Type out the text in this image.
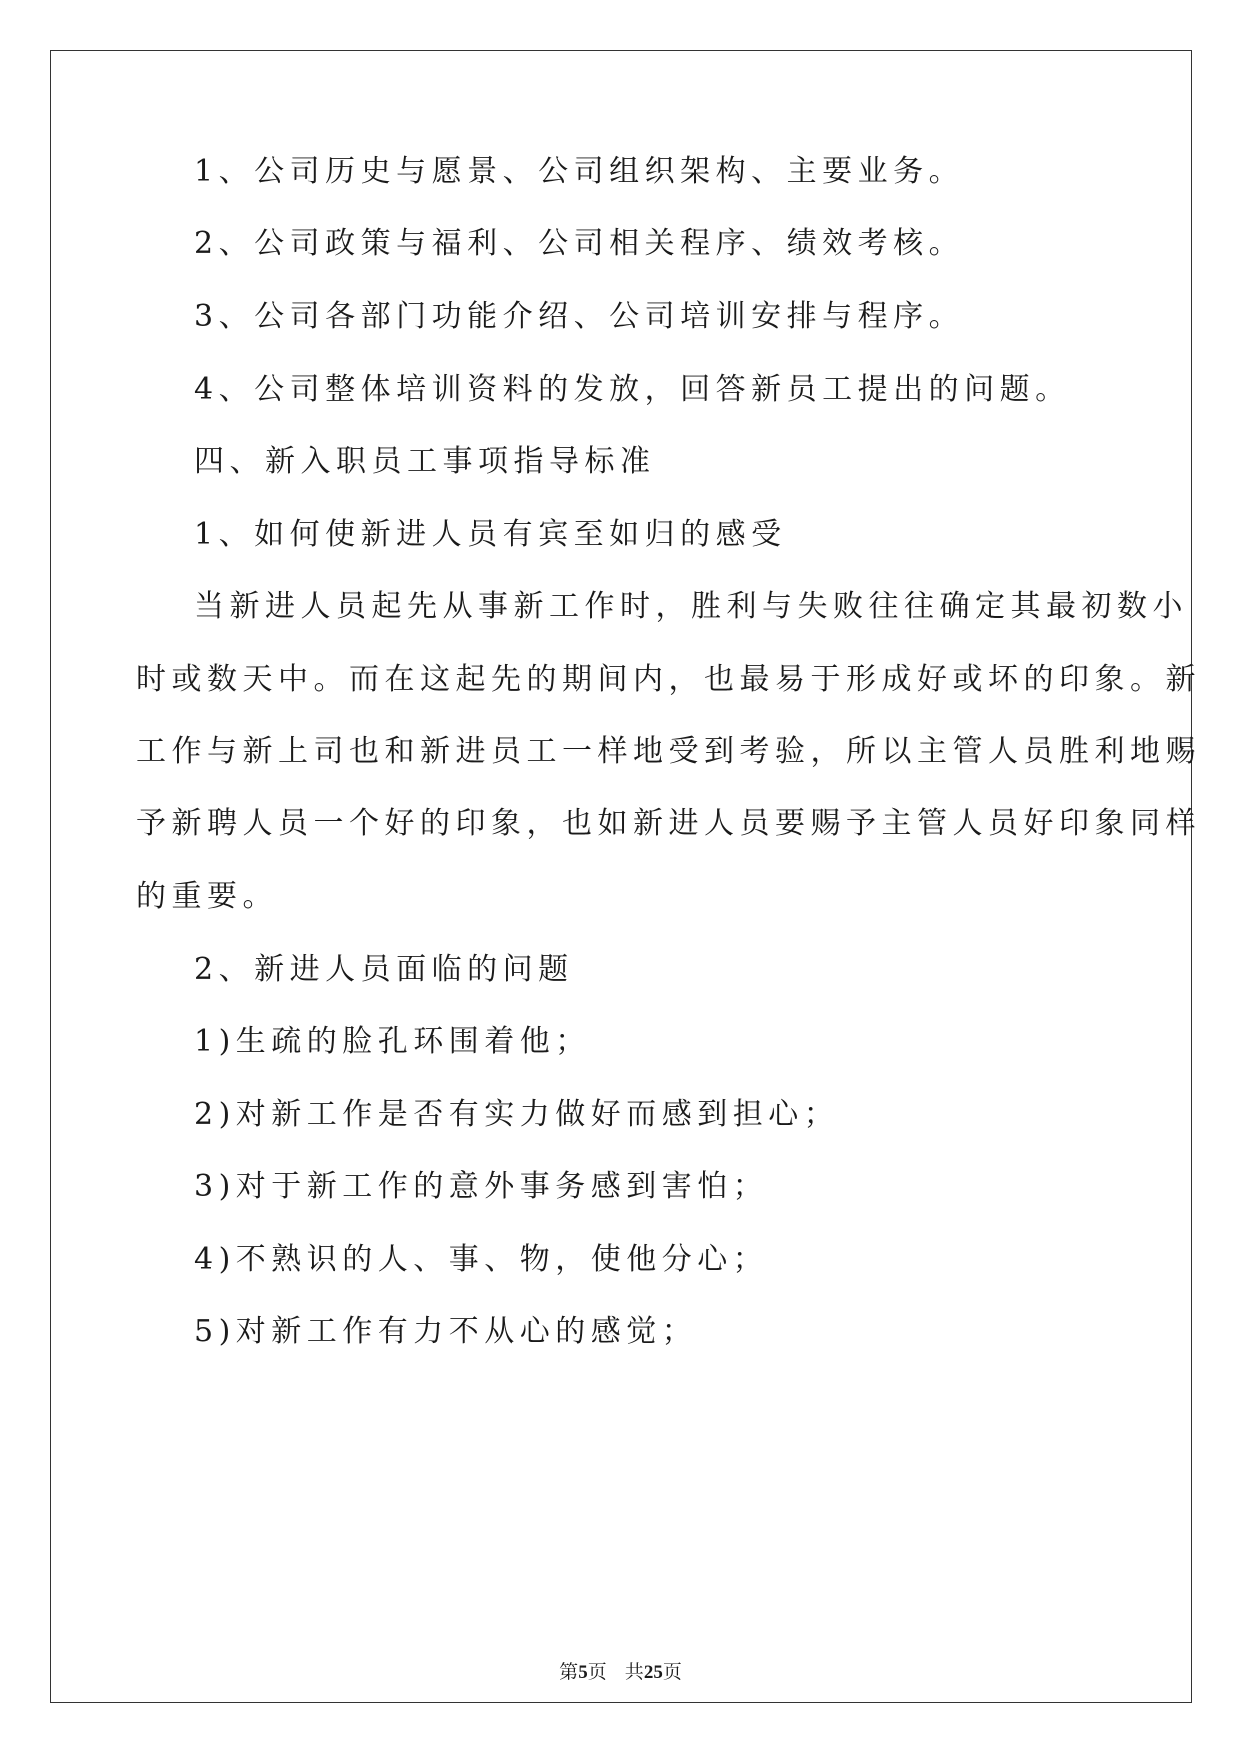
1、公司历史与愿景、公司组织架构、主要业务。
2、公司政策与福利、公司相关程序、绩效考核。
3、公司各部门功能介绍、公司培训安排与程序。
4、公司整体培训资料的发放，回答新员工提出的问题。
四、新入职员工事项指导标准
1、如何使新进人员有宾至如归的感受
当新进人员起先从事新工作时，胜利与失败往往确定其最初数小
时或数天中。而在这起先的期间内，也最易于形成好或坏的印象。新
工作与新上司也和新进员工一样地受到考验，所以主管人员胜利地赐
予新聘人员一个好的印象，也如新进人员要赐予主管人员好印象同样
的重要。
2、新进人员面临的问题
1)生疏的脸孔环围着他；
2)对新工作是否有实力做好而感到担心；
3)对于新工作的意外事务感到害怕；
4)不熟识的人、事、物，使他分心；
5)对新工作有力不从心的感觉；
第5页   共25页
